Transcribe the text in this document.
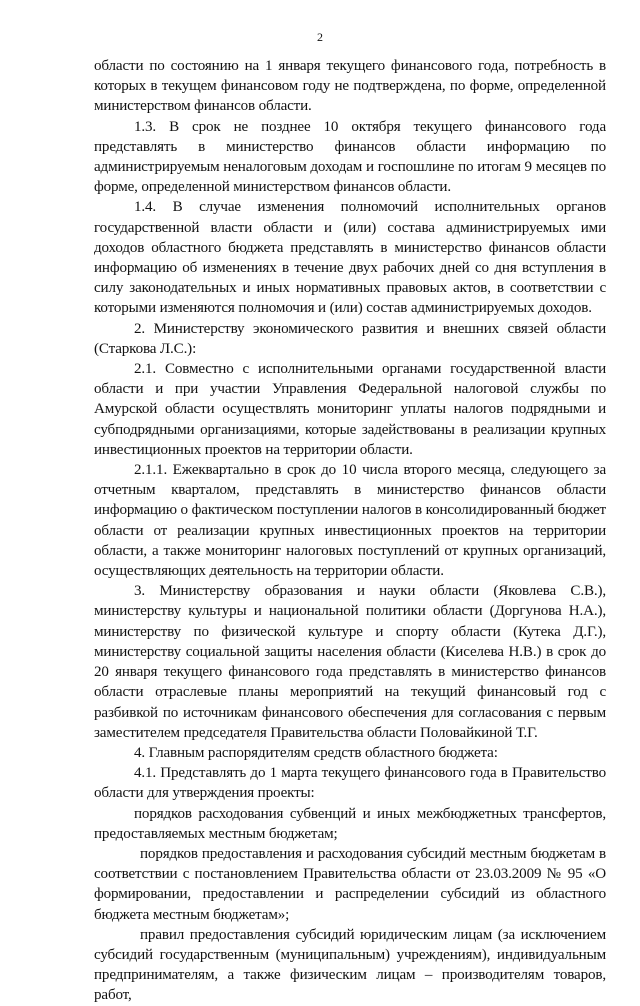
2

области по состоянию на 1 января текущего финансового года, потребность в которых в текущем финансовом году не подтверждена, по форме, определенной министерством финансов области.

1.3. В срок не позднее 10 октября текущего финансового года представлять в министерство финансов области информацию по администрируемым неналоговым доходам и госпошлине по итогам 9 месяцев по форме, определенной министерством финансов области.

1.4. В случае изменения полномочий исполнительных органов государственной власти области и (или) состава администрируемых ими доходов областного бюджета представлять в министерство финансов области информацию об изменениях в течение двух рабочих дней со дня вступления в силу законодательных и иных нормативных правовых актов, в соответствии с которыми изменяются полномочия и (или) состав администрируемых доходов.

2. Министерству экономического развития и внешних связей области (Старкова Л.С.):

2.1. Совместно с исполнительными органами государственной власти области и при участии Управления Федеральной налоговой службы по Амурской области осуществлять мониторинг уплаты налогов подрядными и субподрядными организациями, которые задействованы в реализации крупных инвестиционных проектов на территории области.

2.1.1. Ежеквартально в срок до 10 числа второго месяца, следующего за отчетным кварталом, представлять в министерство финансов области информацию о фактическом поступлении налогов в консолидированный бюджет области от реализации крупных инвестиционных проектов на территории области, а также мониторинг налоговых поступлений от крупных организаций, осуществляющих деятельность на территории области.

3. Министерству образования и науки области (Яковлева С.В.), министерству культуры и национальной политики области (Доргунова Н.А.), министерству по физической культуре и спорту области (Кутека Д.Г.), министерству социальной защиты населения области (Киселева Н.В.) в срок до 20 января текущего финансового года представлять в министерство финансов области отраслевые планы мероприятий на текущий финансовый год с разбивкой по источникам финансового обеспечения для согласования с первым заместителем председателя Правительства области Половайкиной Т.Г.

4. Главным распорядителям средств областного бюджета:

4.1. Представлять до 1 марта текущего финансового года в Правительство области для утверждения проекты:

порядков расходования субвенций и иных межбюджетных трансфертов, предоставляемых местным бюджетам;

порядков предоставления и расходования субсидий местным бюджетам в соответствии с постановлением Правительства области от 23.03.2009 № 95 «О формировании, предоставлении и распределении субсидий из областного бюджета местным бюджетам»;

правил предоставления субсидий юридическим лицам (за исключением субсидий государственным (муниципальным) учреждениям), индивидуальным предпринимателям, а также физическим лицам – производителям товаров, работ,
